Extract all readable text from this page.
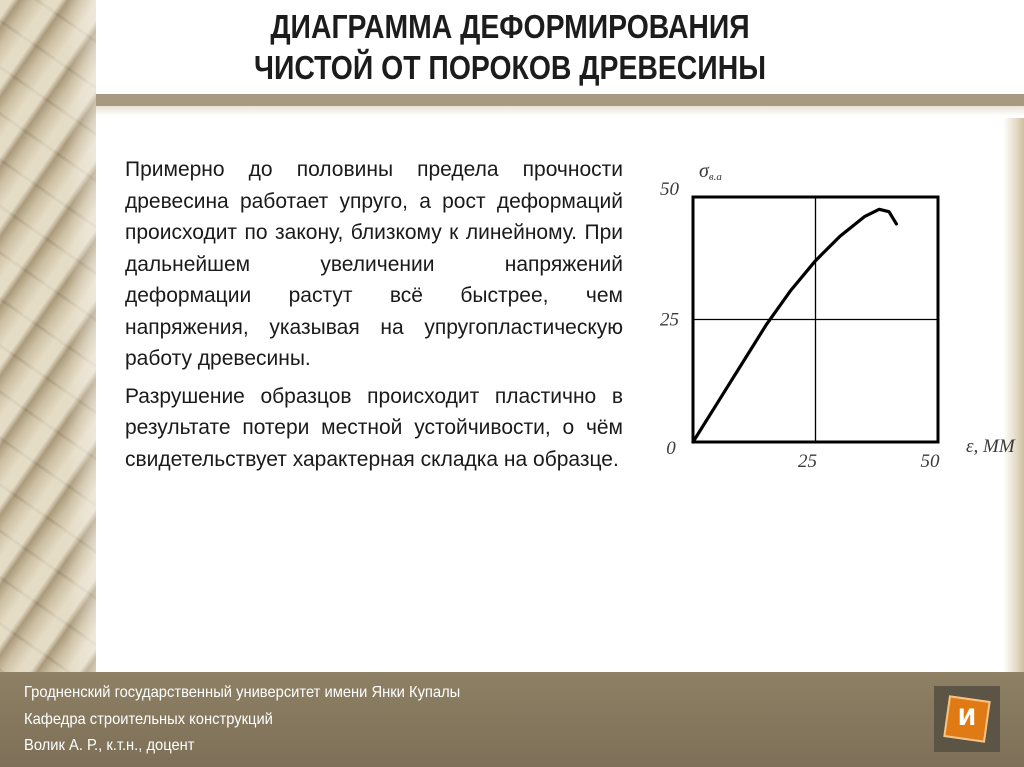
ДИАГРАММА ДЕФОРМИРОВАНИЯ
ЧИСТОЙ ОТ ПОРОКОВ ДРЕВЕСИНЫ

Примерно до половины предела прочности древесина работает упруго, а рост деформаций происходит по закону, близкому к линейному. При дальнейшем увеличении напряжений деформации растут всё быстрее, чем напряжения, указывая на упругопластическую работу древесины.

Разрушение образцов происходит пластично в результате потери местной устойчивости, о чём свидетельствует характерная складка на образце.

50
25
25	50
0
σв.а
ε, ММ
Гродненский государственный университет имени Янки Купалы
Кафедра строительных конструкций
Волик А. Р., к.т.н., доцент
И
